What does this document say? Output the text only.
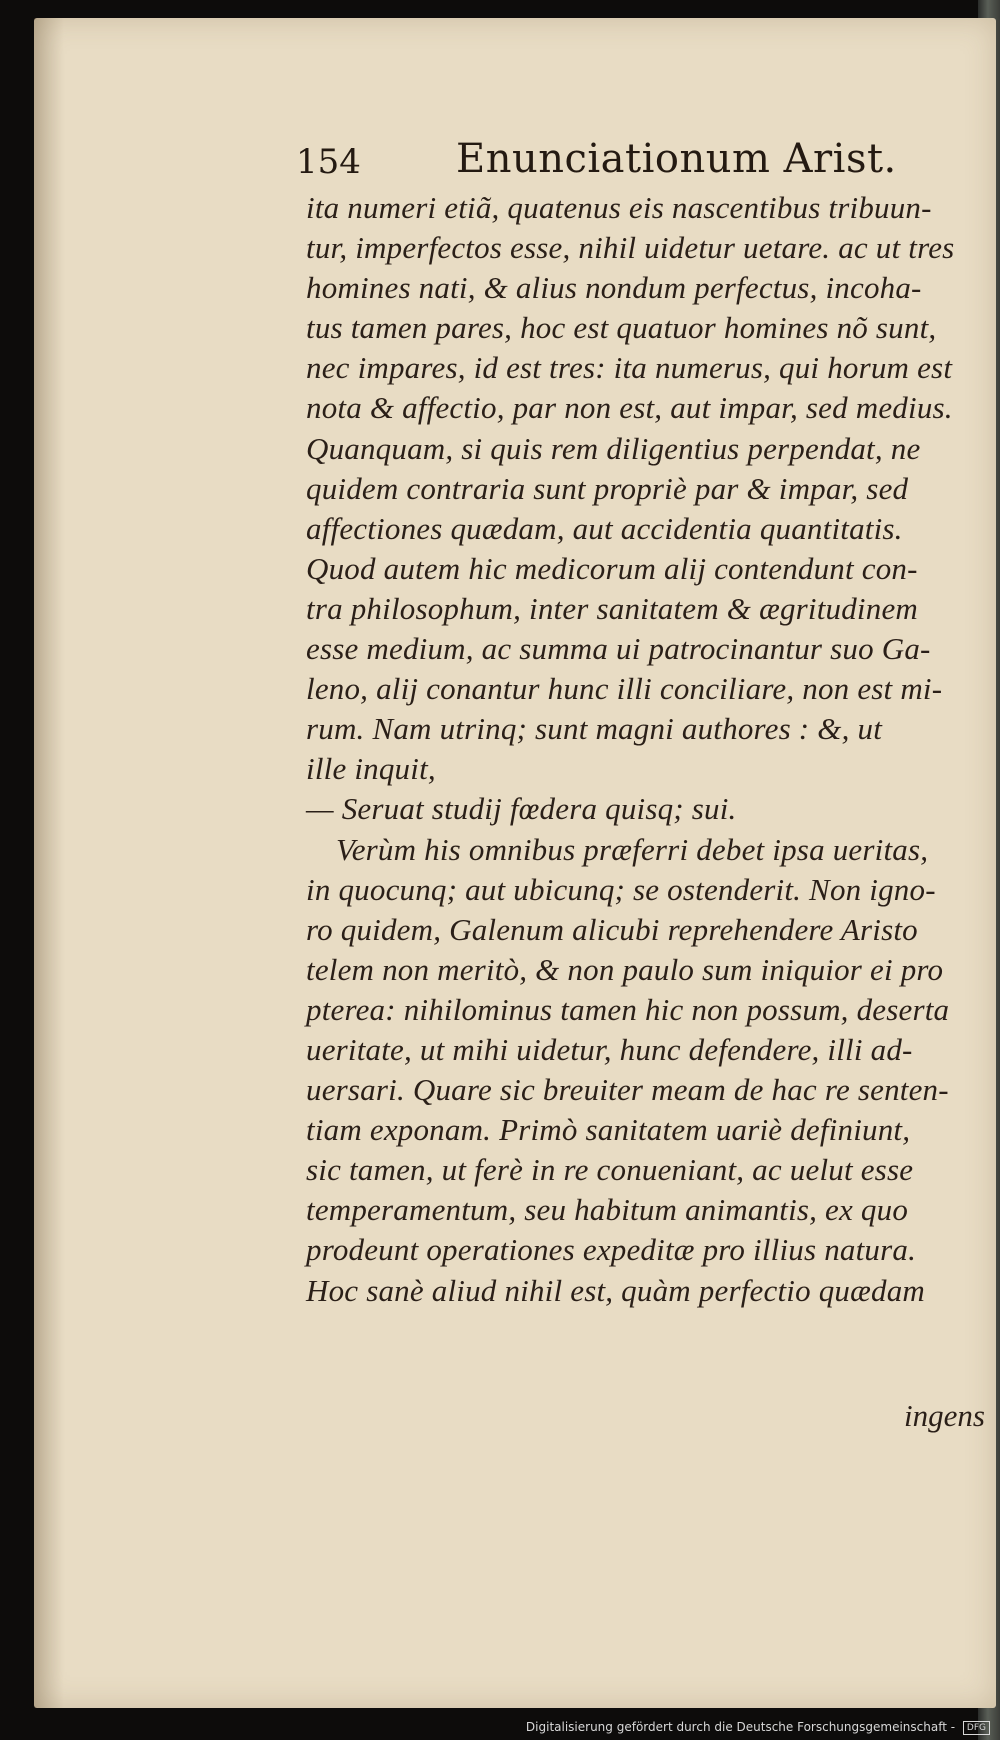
154 Enunciationum Arist.
ita numeri etiã, quatenus eis nascentibus tribuun-
tur, imperfectos esse, nihil uidetur uetare. ac ut tres
homines nati, & alius nondum perfectus, incoha-
tus tamen pares, hoc est quatuor homines nõ sunt,
nec impares, id est tres: ita numerus, qui horum est
nota & affectio, par non est, aut impar, sed medius.
Quanquam, si quis rem diligentius perpendat, ne
quidem contraria sunt propriè par & impar, sed
affectiones quædam, aut accidentia quantitatis.
Quod autem hic medicorum alij contendunt con-
tra philosophum, inter sanitatem & ægritudinem
esse medium, ac summa ui patrocinantur suo Ga-
leno, alij conantur hunc illi conciliare, non est mi-
rum. Nam utrinq; sunt magni authores : &, ut
ille inquit,
— Seruat studij fœdera quisq; sui.
Verùm his omnibus præferri debet ipsa ueritas,
in quocunq; aut ubicunq; se ostenderit. Non igno-
ro quidem, Galenum alicubi reprehendere Aristo
telem non meritò, & non paulo sum iniquior ei pro
pterea: nihilominus tamen hic non possum, deserta
ueritate, ut mihi uidetur, hunc defendere, illi ad-
uersari. Quare sic breuiter meam de hac re senten-
tiam exponam. Primò sanitatem uariè definiunt,
sic tamen, ut ferè in re conueniant, ac uelut esse
temperamentum, seu habitum animantis, ex quo
prodeunt operationes expeditæ pro illius natura.
Hoc sanè aliud nihil est, quàm perfectio quædam
ingens
Digitalisierung gefördert durch die Deutsche Forschungsgemeinschaft - DFG
